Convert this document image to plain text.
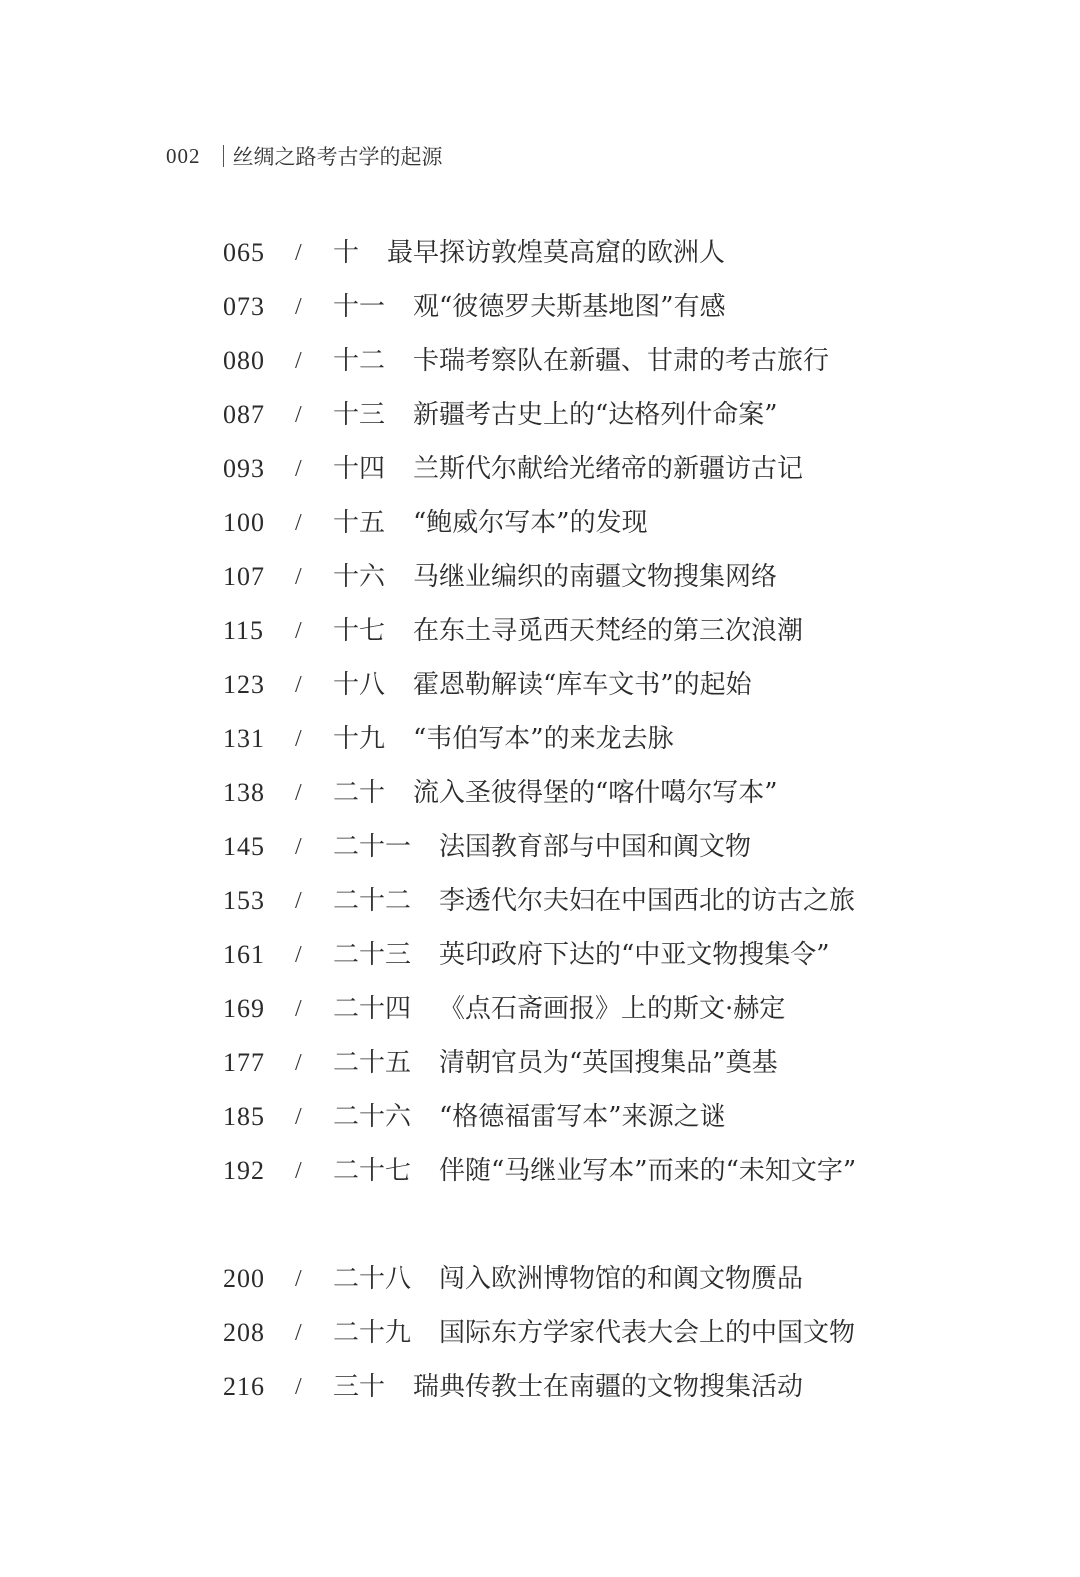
002 丝绸之路考古学的起源
065	/	十 最早探访敦煌莫高窟的欧洲人
073	/	十一 观“彼德罗夫斯基地图”有感
080	/	十二 卡瑞考察队在新疆、甘肃的考古旅行
087	/	十三 新疆考古史上的“达格列什命案”
093	/	十四 兰斯代尔献给光绪帝的新疆访古记
100	/	十五 “鲍威尔写本”的发现
107	/	十六 马继业编织的南疆文物搜集网络
115	/	十七 在东土寻觅西天梵经的第三次浪潮
123	/	十八 霍恩勒解读“库车文书”的起始
131	/	十九 “韦伯写本”的来龙去脉
138	/	二十 流入圣彼得堡的“喀什噶尔写本”
145	/	二十一 法国教育部与中国和阗文物
153	/	二十二 李透代尔夫妇在中国西北的访古之旅
161	/	二十三 英印政府下达的“中亚文物搜集令”
169	/	二十四 《点石斋画报》上的斯文·赫定
177	/	二十五 清朝官员为“英国搜集品”奠基
185	/	二十六 “格德福雷写本”来源之谜
192	/	二十七 伴随“马继业写本”而来的“未知文字”
200	/	二十八 闯入欧洲博物馆的和阗文物赝品
208	/	二十九 国际东方学家代表大会上的中国文物
216	/	三十 瑞典传教士在南疆的文物搜集活动
